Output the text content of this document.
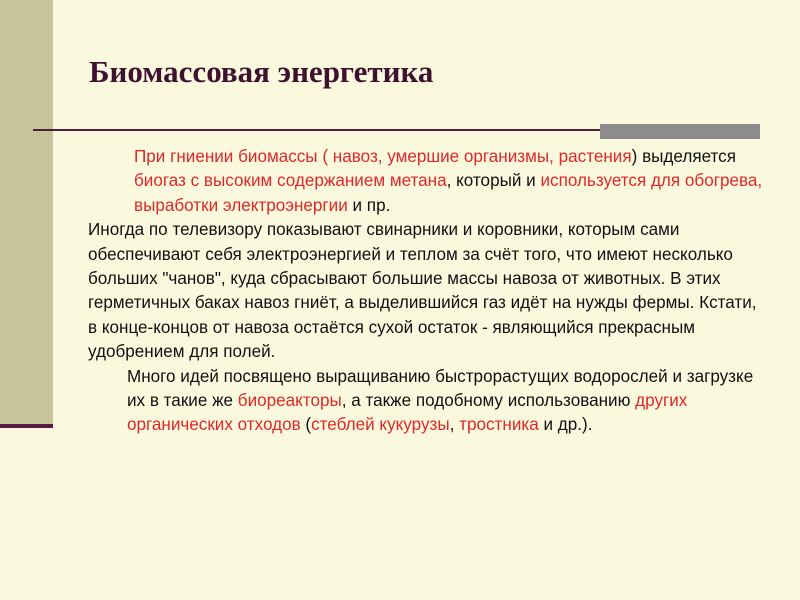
Биомассовая энергетика

При гниении биомассы ( навоз, умершие организмы, растения) выделяется биогаз с высоким содержанием метана, который и используется для обогрева, выработки электроэнергии и пр.

Иногда по телевизору показывают свинарники и коровники, которым сами обеспечивают себя электроэнергией и теплом за счёт того, что имеют несколько больших "чанов", куда сбрасывают большие массы навоза от животных. В этих герметичных баках навоз гниёт, а выделившийся газ идёт на нужды фермы. Кстати, в конце-концов от навоза остаётся сухой остаток - являющийся прекрасным удобрением для полей.

Много идей посвящено выращиванию быстрорастущих водорослей и загрузке их в такие же биореакторы, а также подобному использованию других органических отходов (стеблей кукурузы, тростника и др.).
